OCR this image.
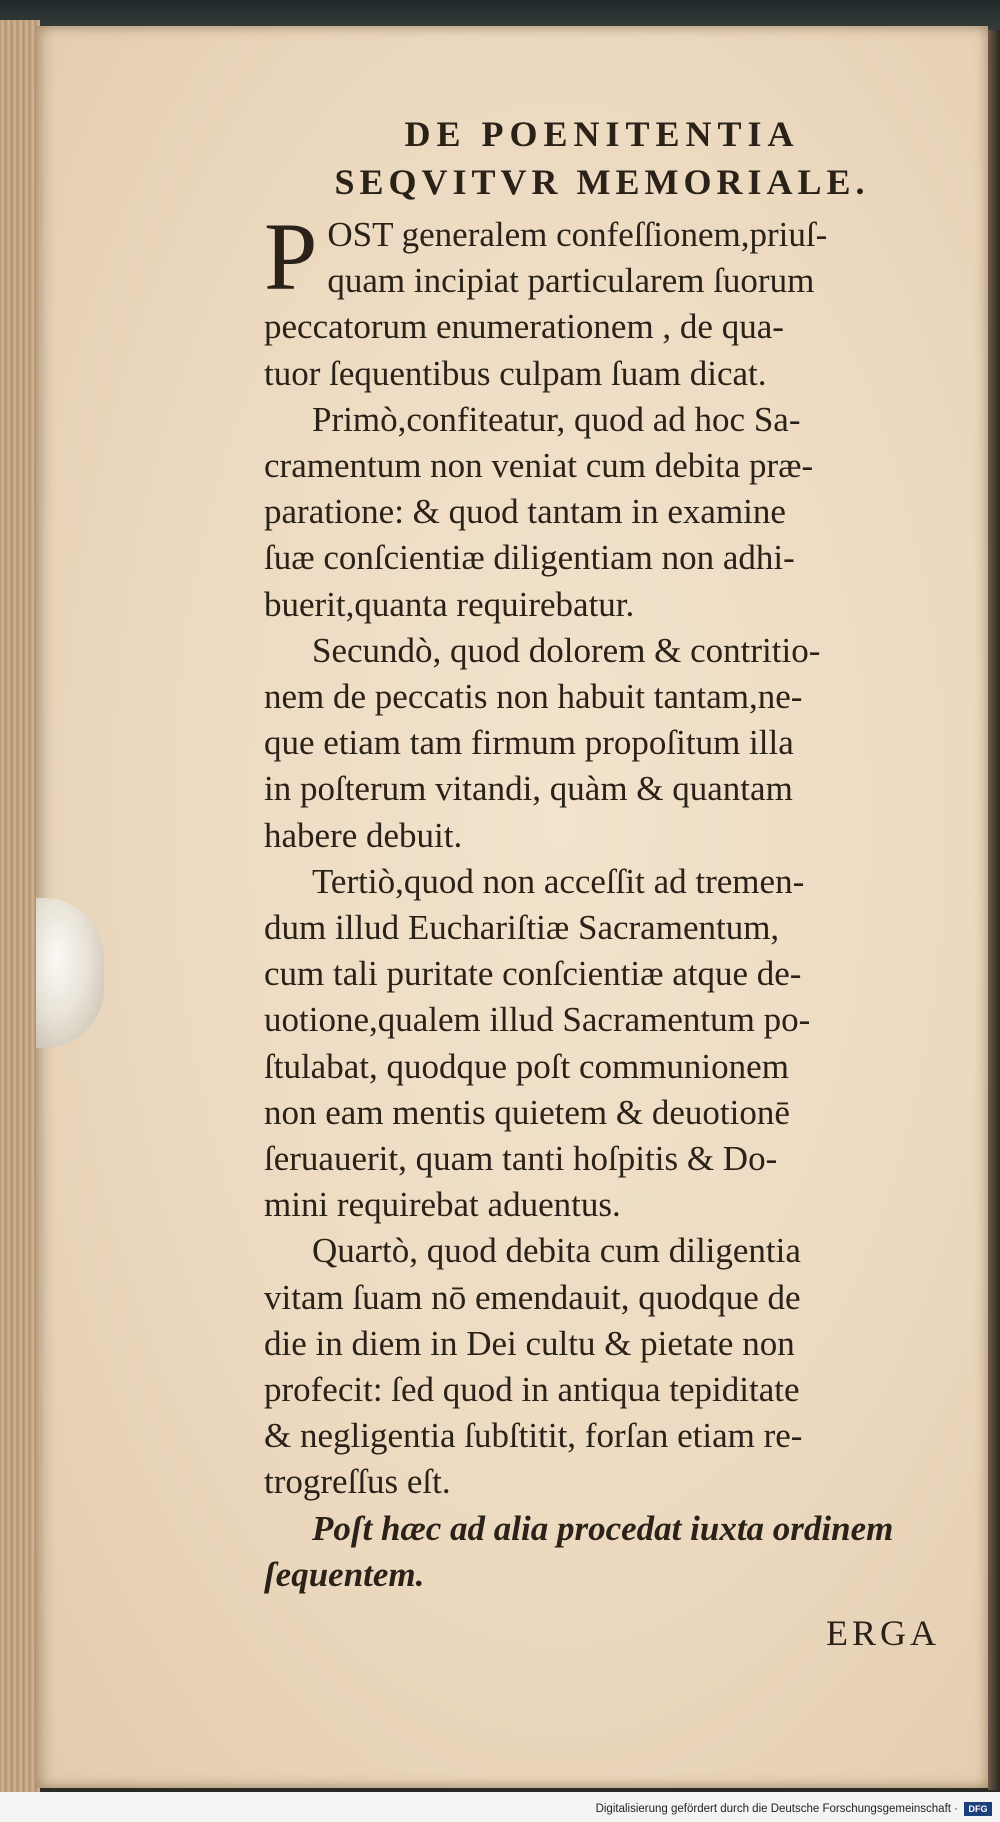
DE POENITENTIA
SEQVITVR MEMORIALE.

P OST generalem confeſſionem,priuſ-
quam incipiat particularem ſuorum
peccatorum enumerationem , de qua-
tuor ſequentibus culpam ſuam dicat.

Primò,confiteatur, quod ad hoc Sa-
cramentum non veniat cum debita præ-
paratione: & quod tantam in examine
ſuæ conſcientiæ diligentiam non adhi-
buerit,quanta requirebatur.

Secundò, quod dolorem & contritio-
nem de peccatis non habuit tantam,ne-
que etiam tam firmum propoſitum illa
in poſterum vitandi, quàm & quantam
habere debuit.

Tertiò,quod non acceſſit ad tremen-
dum illud Euchariſtiæ Sacramentum,
cum tali puritate conſcientiæ atque de-
uotione,qualem illud Sacramentum po-
ſtulabat, quodque poſt communionem
non eam mentis quietem & deuotionē
ſeruauerit, quam tanti hoſpitis & Do-
mini requirebat aduentus.

Quartò, quod debita cum diligentia
vitam ſuam nō emendauit, quodque de
die in diem in Dei cultu & pietate non
profecit: ſed quod in antiqua tepiditate
& negligentia ſubſtitit, forſan etiam re-
trogreſſus eſt.

Poſt hæc ad alia procedat iuxta ordinem
ſequentem.

ERGA
Digitalisierung gefördert durch die Deutsche Forschungsgemeinschaft ·	DFG
